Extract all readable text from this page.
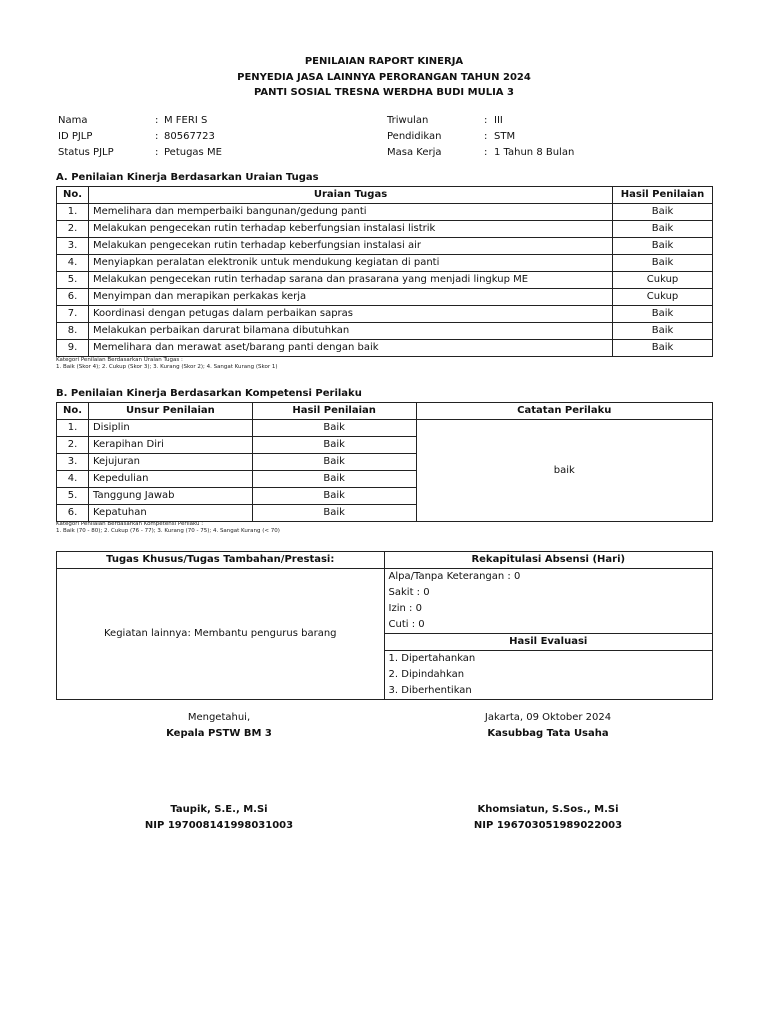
PENILAIAN RAPORT KINERJA
PENYEDIA JASA LAINNYA PERORANGAN TAHUN 2024
PANTI SOSIAL TRESNA WERDHA BUDI MULIA 3
Nama	: M FERI S
ID PJLP	: 80567723
Status PJLP	: Petugas ME
Triwulan	: III
Pendidikan	: STM
Masa Kerja	: 1 Tahun 8 Bulan
A. Penilaian Kinerja Berdasarkan Uraian Tugas
No.	Uraian Tugas	Hasil Penilaian
1.	Memelihara dan memperbaiki bangunan/gedung panti	Baik
2.	Melakukan pengecekan rutin terhadap keberfungsian instalasi listrik	Baik
3.	Melakukan pengecekan rutin terhadap keberfungsian instalasi air	Baik
4.	Menyiapkan peralatan elektronik untuk mendukung kegiatan di panti	Baik
5.	Melakukan pengecekan rutin terhadap sarana dan prasarana yang menjadi lingkup ME	Cukup
6.	Menyimpan dan merapikan perkakas kerja	Cukup
7.	Koordinasi dengan petugas dalam perbaikan sapras	Baik
8.	Melakukan perbaikan darurat bilamana dibutuhkan	Baik
9.	Memelihara dan merawat aset/barang panti dengan baik	Baik
Kategori Penilaian Berdasarkan Uraian Tugas :
1. Baik (Skor 4); 2. Cukup (Skor 3); 3. Kurang (Skor 2); 4. Sangat Kurang (Skor 1)
B. Penilaian Kinerja Berdasarkan Kompetensi Perilaku
No.	Unsur Penilaian	Hasil Penilaian	Catatan Perilaku
1.	Disiplin	Baik	baik
2.	Kerapihan Diri	Baik	
3.	Kejujuran	Baik	
4.	Kepedulian	Baik	
5.	Tanggung Jawab	Baik	
6.	Kepatuhan	Baik	
Kategori Penilaian Berdasarkan Kompetensi Perilaku :
1. Baik (70 - 80); 2. Cukup (76 - 77); 3. Kurang (70 - 75); 4. Sangat Kurang (< 70)
Tugas Khusus/Tugas Tambahan/Prestasi:	Rekapitulasi Absensi (Hari)
Kegiatan lainnya: Membantu pengurus barang	Alpa/Tanpa Keterangan : 0
	Sakit : 0
	Izin : 0
	Cuti : 0
	Hasil Evaluasi
	1. Dipertahankan
	2. Dipindahkan
	3. Diberhentikan
Mengetahui,
Kepala PSTW BM 3
Taupik, S.E., M.Si
NIP 197008141998031003
Jakarta, 09 Oktober 2024
Kasubbag Tata Usaha
Khomsiatun, S.Sos., M.Si
NIP 196703051989022003
